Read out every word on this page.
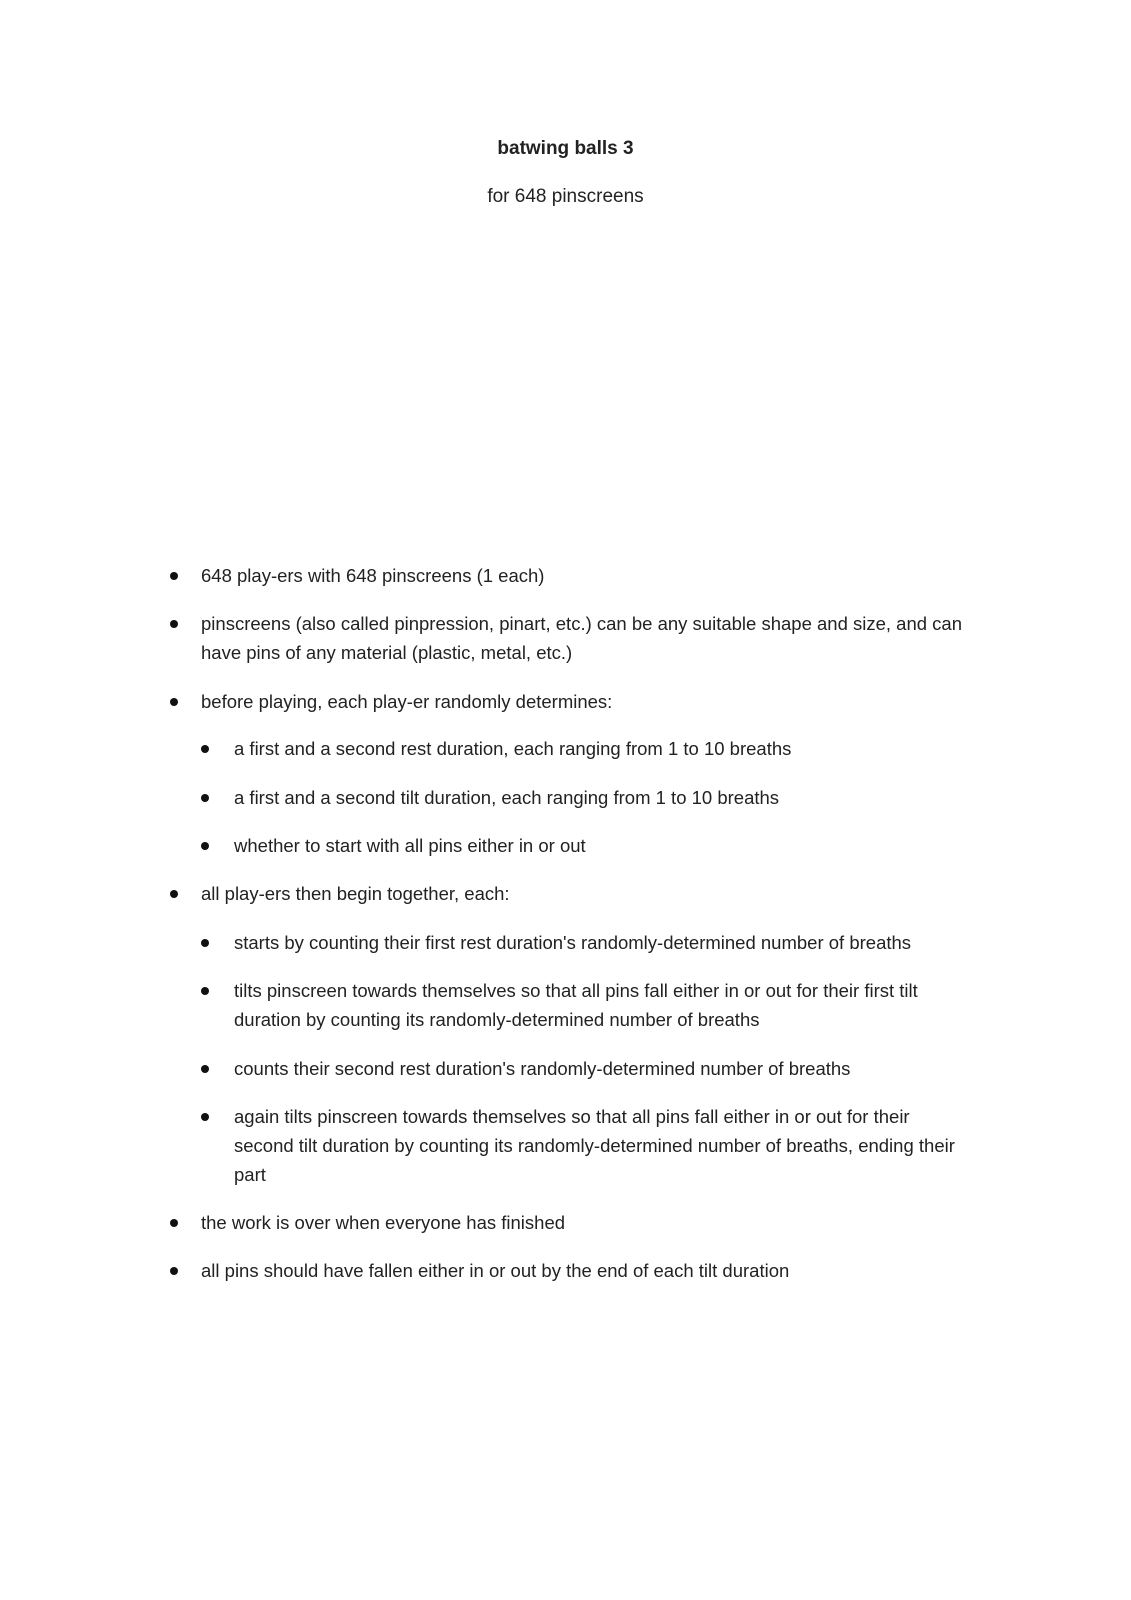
batwing balls 3
for 648 pinscreens
648 play-ers with 648 pinscreens (1 each)
pinscreens (also called pinpression, pinart, etc.) can be any suitable shape and size, and can have pins of any material (plastic, metal, etc.)
before playing, each play-er randomly determines:
a first and a second rest duration, each ranging from 1 to 10 breaths
a first and a second tilt duration, each ranging from 1 to 10 breaths
whether to start with all pins either in or out
all play-ers then begin together, each:
starts by counting their first rest duration's randomly-determined number of breaths
tilts pinscreen towards themselves so that all pins fall either in or out for their first tilt duration by counting its randomly-determined number of breaths
counts their second rest duration's randomly-determined number of breaths
again tilts pinscreen towards themselves so that all pins fall either in or out for their second tilt duration by counting its randomly-determined number of breaths, ending their part
the work is over when everyone has finished
all pins should have fallen either in or out by the end of each tilt duration
